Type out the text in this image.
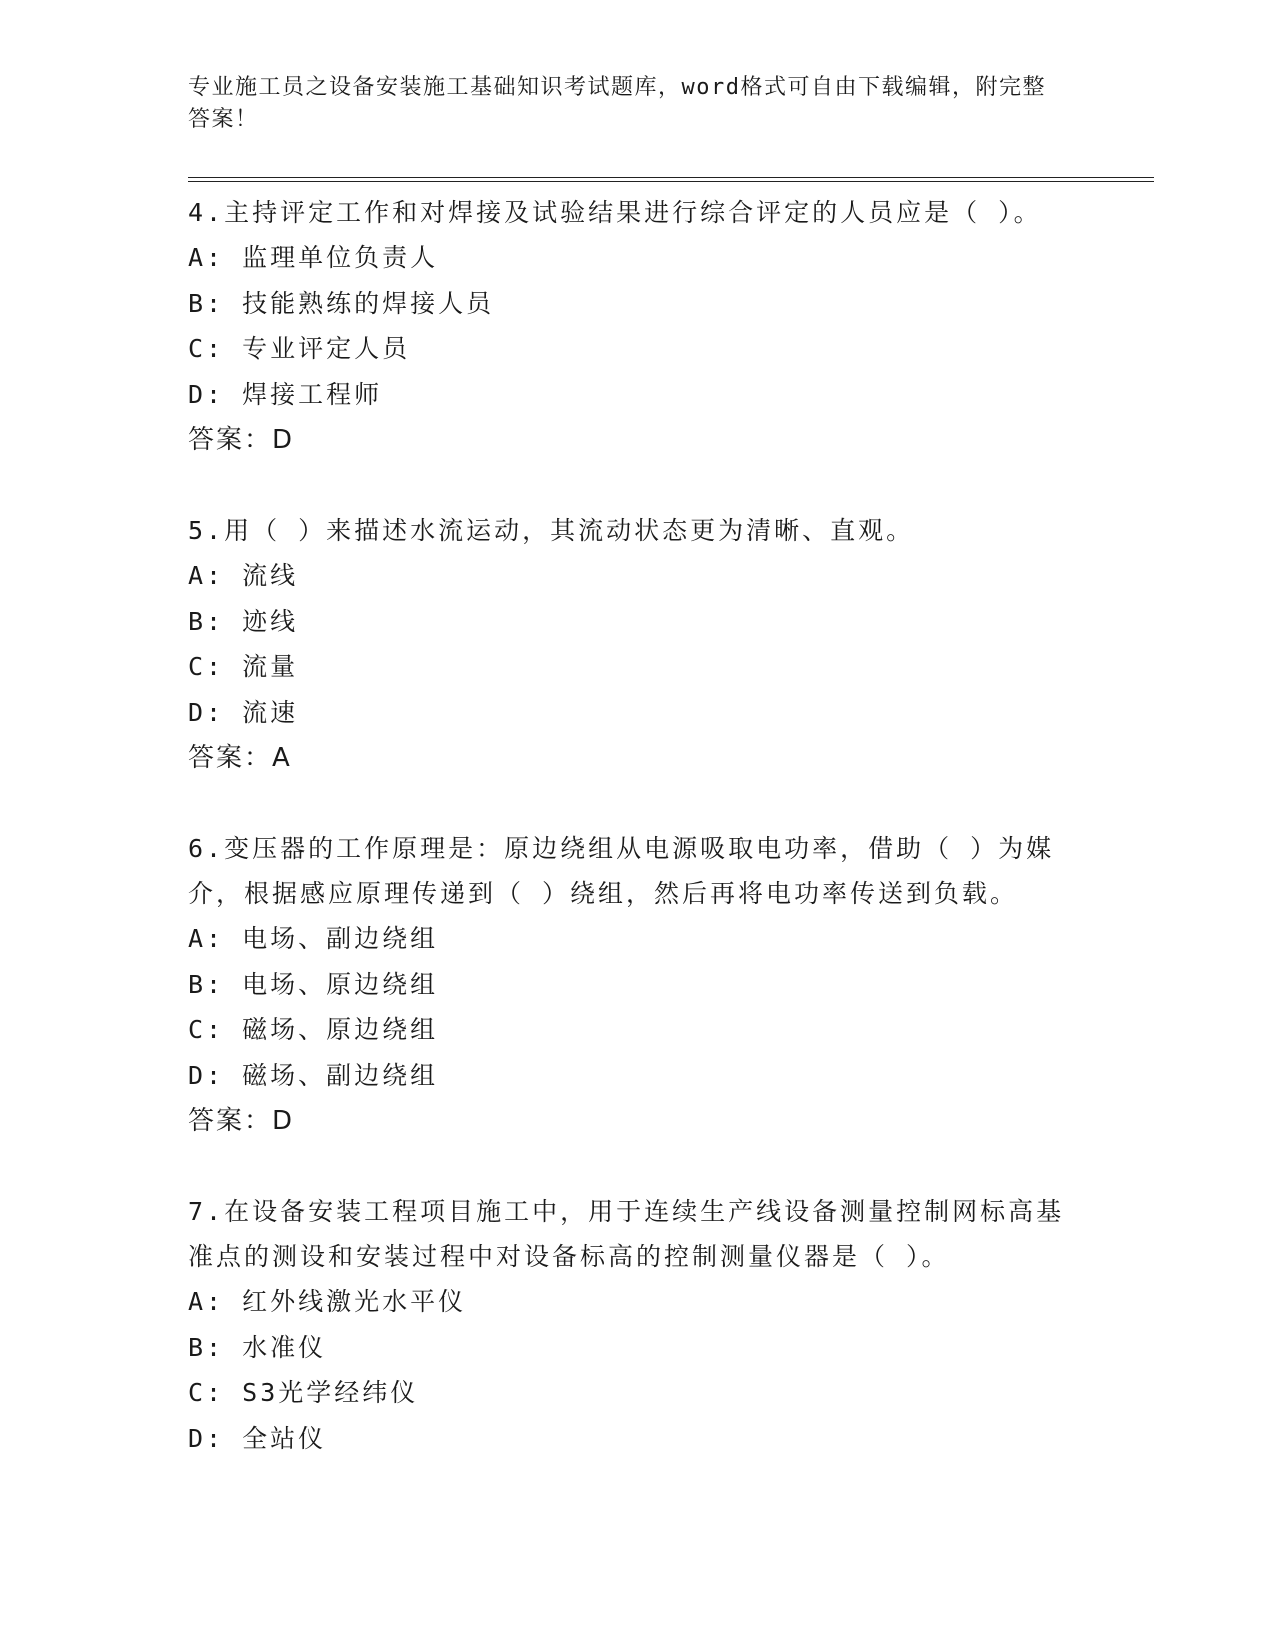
专业施工员之设备安装施工基础知识考试题库，word格式可自由下载编辑，附完整答案！
4.主持评定工作和对焊接及试验结果进行综合评定的人员应是（ ）。
A: 监理单位负责人
B: 技能熟练的焊接人员
C: 专业评定人员
D: 焊接工程师
答案：D
5.用（ ）来描述水流运动，其流动状态更为清晰、直观。
A: 流线
B: 迹线
C: 流量
D: 流速
答案：A
6.变压器的工作原理是：原边绕组从电源吸取电功率，借助（ ）为媒介，根据感应原理传递到（ ）绕组，然后再将电功率传送到负载。
A: 电场、副边绕组
B: 电场、原边绕组
C: 磁场、原边绕组
D: 磁场、副边绕组
答案：D
7.在设备安装工程项目施工中，用于连续生产线设备测量控制网标高基准点的测设和安装过程中对设备标高的控制测量仪器是（ ）。
A: 红外线激光水平仪
B: 水准仪
C: S3光学经纬仪
D: 全站仪
